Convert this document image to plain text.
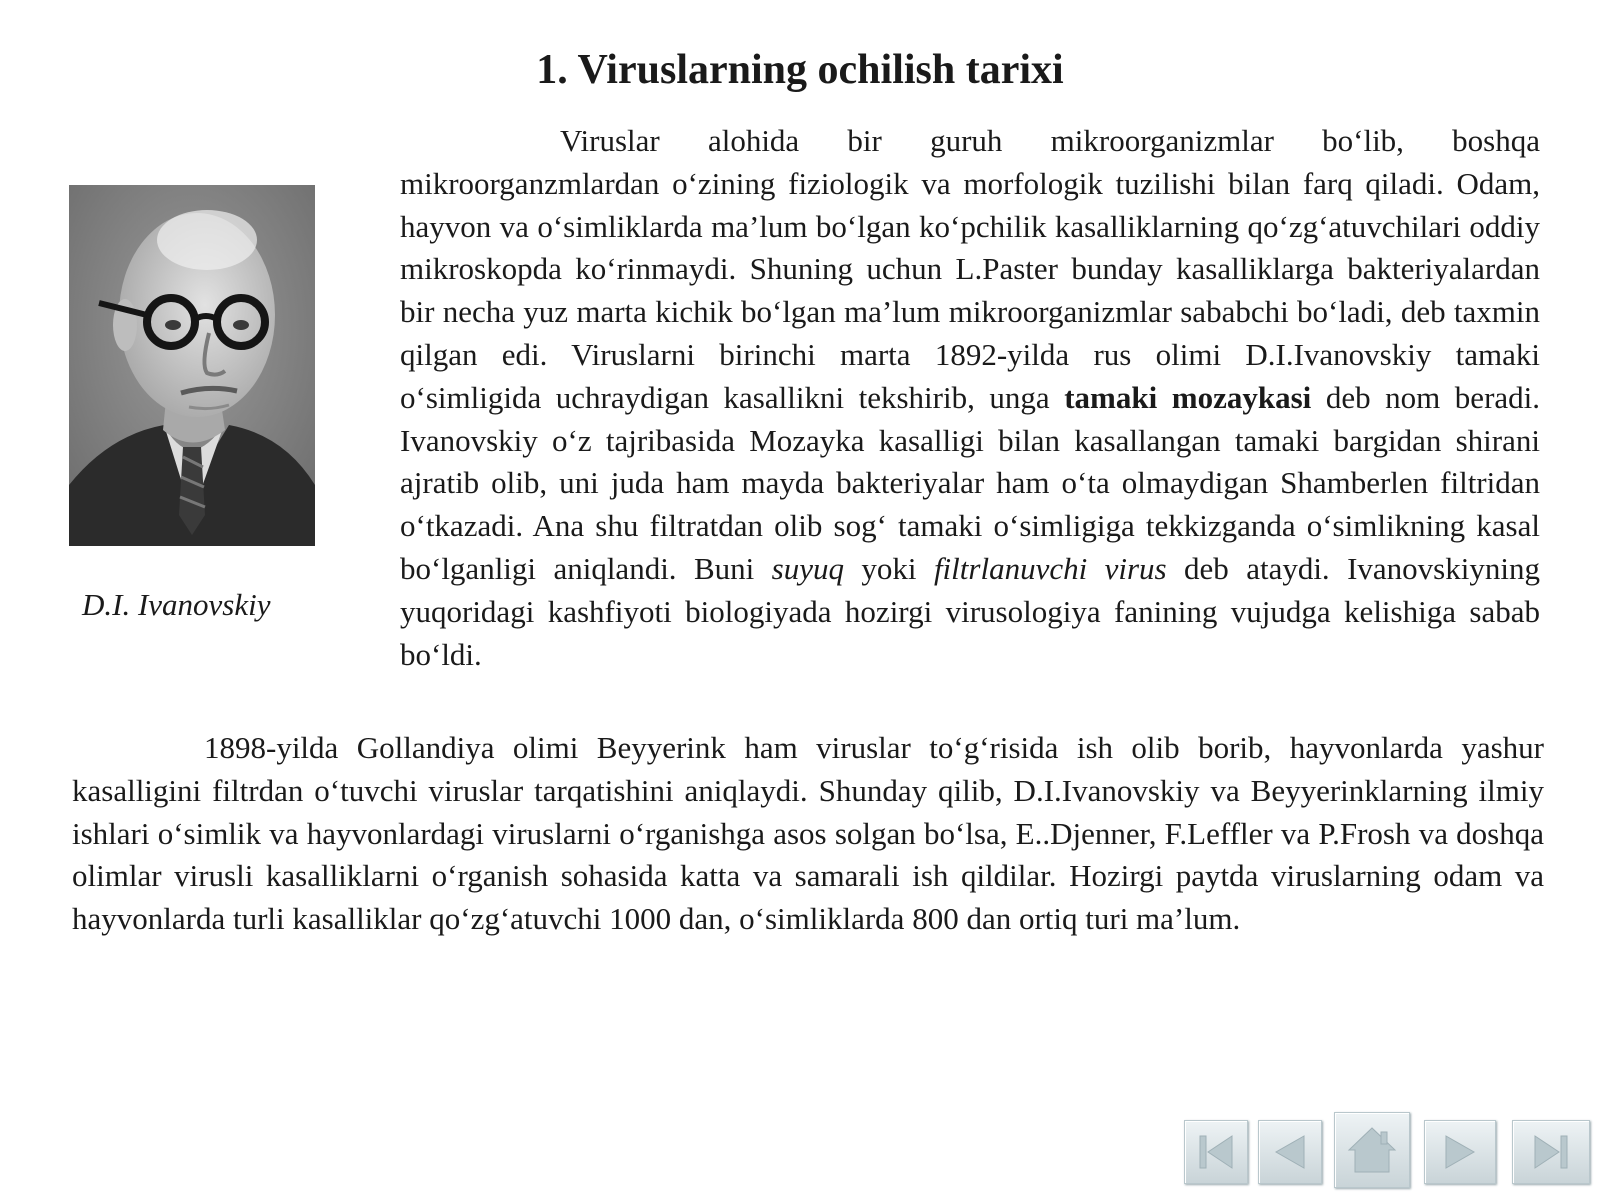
1. Viruslarning ochilish tarixi
D.I. Ivanovskiy

Viruslar alohida bir guruh mikroorganizmlar bo‘lib, boshqa mikroorganzmlardan o‘zining fiziologik va morfologik tuzilishi bilan farq qiladi. Odam, hayvon va o‘simliklarda ma’lum bo‘lgan ko‘pchilik kasalliklarning qo‘zg‘atuvchilari oddiy mikroskopda ko‘rinmaydi. Shuning uchun L.Paster bunday kasalliklarga bakteriyalardan bir necha yuz marta kichik bo‘lgan ma’lum mikroorganizmlar sababchi bo‘ladi, deb taxmin qilgan edi. Viruslarni birinchi marta 1892-yilda rus olimi D.I.Ivanovskiy tamaki o‘simligida uchraydigan kasallikni tekshirib, unga tamaki mozaykasi deb nom beradi. Ivanovskiy o‘z tajribasida Mozayka kasalligi bilan kasallangan tamaki bargidan shirani ajratib olib, uni juda ham mayda bakteriyalar ham o‘ta olmaydigan Shamberlen filtridan o‘tkazadi. Ana shu filtratdan olib sog‘ tamaki o‘simligiga tekkizganda o‘simlikning kasal bo‘lganligi aniqlandi. Buni suyuq yoki filtrlanuvchi virus deb ataydi. Ivanovskiyning yuqoridagi kashfiyoti biologiyada hozirgi virusologiya fanining vujudga kelishiga sabab bo‘ldi.

1898-yilda Gollandiya olimi Beyyerink ham viruslar to‘g‘risida ish olib borib, hayvonlarda yashur kasalligini filtrdan o‘tuvchi viruslar tarqatishini aniqlaydi. Shunday qilib, D.I.Ivanovskiy va Beyyerinklarning ilmiy ishlari o‘simlik va hayvonlardagi viruslarni o‘rganishga asos solgan bo‘lsa, E..Djenner, F.Leffler va P.Frosh va doshqa olimlar virusli kasalliklarni o‘rganish sohasida katta va samarali ish qildilar. Hozirgi paytda viruslarning odam va hayvonlarda turli kasalliklar qo‘zg‘atuvchi 1000 dan, o‘simliklarda 800 dan ortiq turi ma’lum.
